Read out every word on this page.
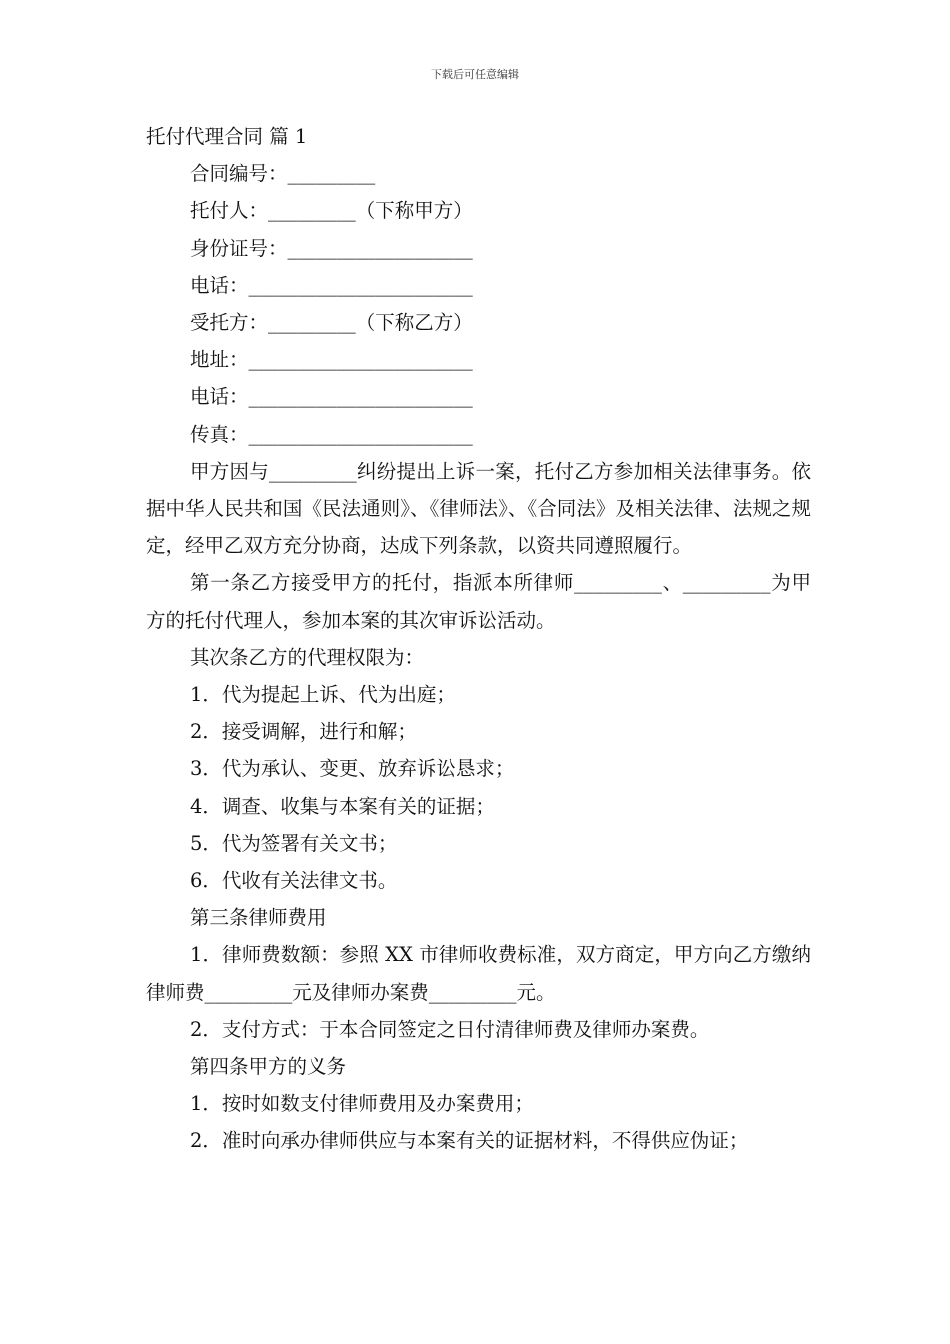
下载后可任意编辑
托付代理合同 篇 1
合同编号：_________
托付人：_________（下称甲方）
身份证号：___________________
电话：_______________________
受托方：_________（下称乙方）
地址：_______________________
电话：_______________________
传真：_______________________
甲方因与_________纠纷提出上诉一案，托付乙方参加相关法律事务。依据中华人民共和国《民法通则》、《律师法》、《合同法》及相关法律、法规之规定，经甲乙双方充分协商，达成下列条款，以资共同遵照履行。
第一条乙方接受甲方的托付，指派本所律师_________、_________为甲方的托付代理人，参加本案的其次审诉讼活动。
其次条乙方的代理权限为：
1．代为提起上诉、代为出庭；
2．接受调解，进行和解；
3．代为承认、变更、放弃诉讼恳求；
4．调查、收集与本案有关的证据；
5．代为签署有关文书；
6．代收有关法律文书。
第三条律师费用
1．律师费数额：参照 XX 市律师收费标准，双方商定，甲方向乙方缴纳律师费_________元及律师办案费_________元。
2．支付方式：于本合同签定之日付清律师费及律师办案费。
第四条甲方的义务
1．按时如数支付律师费用及办案费用；
2．准时向承办律师供应与本案有关的证据材料，不得供应伪证；
